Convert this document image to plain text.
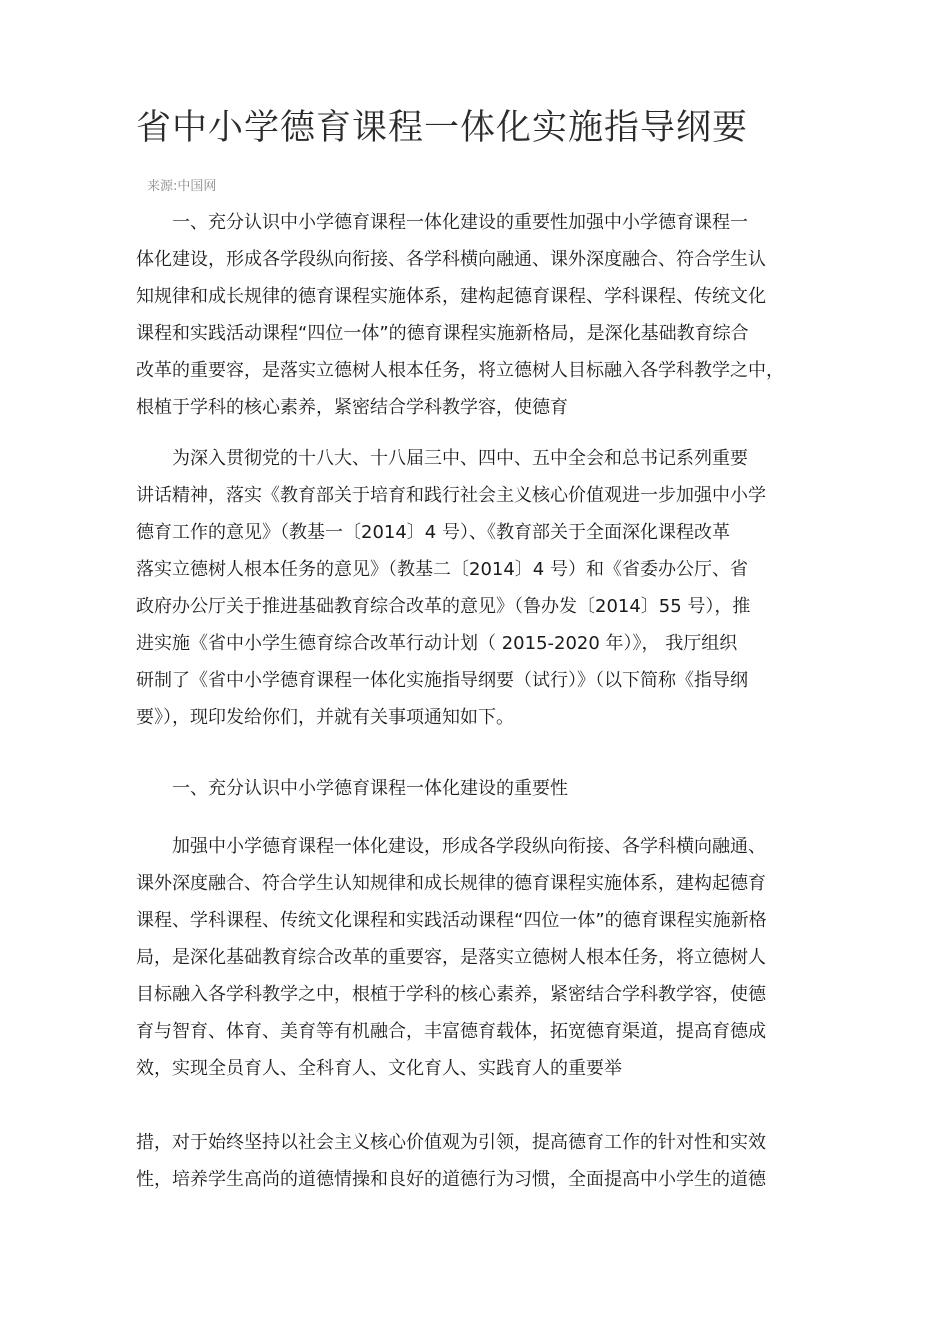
省中小学德育课程一体化实施指导纲要
来源:中国网
　　一、充分认识中小学德育课程一体化建设的重要性加强中小学德育课程一
体化建设，形成各学段纵向衔接、各学科横向融通、课外深度融合、符合学生认
知规律和成长规律的德育课程实施体系，建构起德育课程、学科课程、传统文化
课程和实践活动课程“四位一体”的德育课程实施新格局，是深化基础教育综合
改革的重要容，是落实立德树人根本任务，将立德树人目标融入各学科教学之中，
根植于学科的核心素养，紧密结合学科教学容，使德育
　　为深入贯彻党的十八大、十八届三中、四中、五中全会和总书记系列重要
讲话精神，落实《教育部关于培育和践行社会主义核心价值观进一步加强中小学
德育工作的意见》（教基一〔2014〕4 号）、《教育部关于全面深化课程改革
落实立德树人根本任务的意见》（教基二〔2014〕4 号）和《省委办公厅、省
政府办公厅关于推进基础教育综合改革的意见》（鲁办发〔2014〕55 号），推
进实施《省中小学生德育综合改革行动计划（ 2015-2020 年）》， 我厅组织
研制了《省中小学德育课程一体化实施指导纲要（试行）》（以下简称《指导纲
要》），现印发给你们，并就有关事项通知如下。
　　一、充分认识中小学德育课程一体化建设的重要性
　　加强中小学德育课程一体化建设，形成各学段纵向衔接、各学科横向融通、
课外深度融合、符合学生认知规律和成长规律的德育课程实施体系，建构起德育
课程、学科课程、传统文化课程和实践活动课程“四位一体”的德育课程实施新格
局，是深化基础教育综合改革的重要容，是落实立德树人根本任务，将立德树人
目标融入各学科教学之中，根植于学科的核心素养，紧密结合学科教学容，使德
育与智育、体育、美育等有机融合，丰富德育载体，拓宽德育渠道，提高育德成
效，实现全员育人、全科育人、文化育人、实践育人的重要举
措，对于始终坚持以社会主义核心价值观为引领，提高德育工作的针对性和实效
性，培养学生高尚的道德情操和良好的道德行为习惯，全面提高中小学生的道德
